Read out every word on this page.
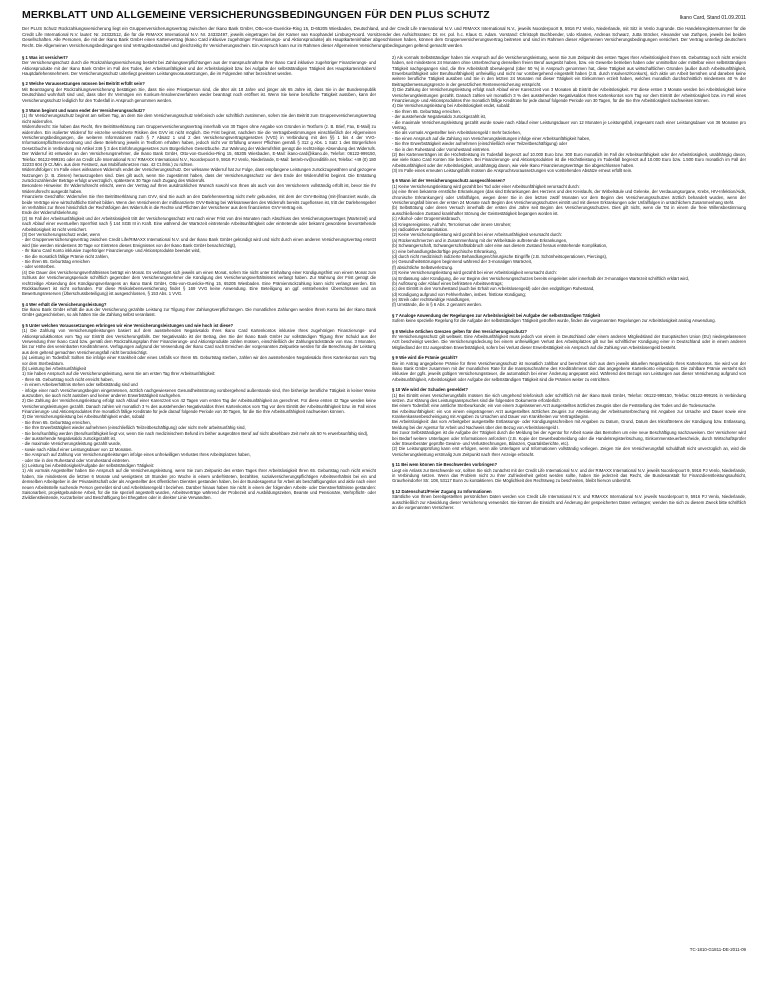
MERKBLATT UND ALLGEMEINE VERSICHERUNGSBEDINGUNGEN FÜR DEN PLUS SCHUTZ	Ikano Card, Stand 01.09.2011

Der PLUS Schutz Rückzahlungsversicherung liegt ein Gruppenversicherungsvertrag zwischen der Ikano Bank GmbH, Otto-von-Guericke-Ring 15, D-65205 Wiesbaden, Deutschland, und der Credit Life International N.V. und RIMAXX International N.V., jeweils Noorderpoort 9, 5916 PJ Venlo, Niederlande, mit Sitz in Venlo zugrunde. Die Handelsregisternummer für die Credit Life International N.V. lautet: Nr. 24332512, die für die RIMAXX International N.V. Nr. 24332497, jeweils eingetragen bei der Kamer van Koophandel Limburg-Noord. Vorsitzender des Aufsichtsrates: Dr. rer. pol. h.c. Klaus G. Adam. Vorstand: Christoph Buchbender, Udo Klanten, Andreas Schwarz, Jutta Stöcker, Alexander van Zuthpen, jeweils bei beiden Gesellschaften. Alle Personen, die mit der Ikano Bank GmbH einen Kartenvertrag (Ikano Card inklusive zugehöriger Finanzierungs- und Aktionsprodukte) als Hauptkarteninhaber abgeschlossen haben, können dem Gruppenversicherungsvertrag beitreten und sind im Rahmen dieser Allgemeinen Versicherungsbedingungen versichert. Der Vertrag unterliegt deutschem Recht. Die Allgemeinen Versicherungsbedingungen sind Vertragsbestandteil und gleichzeitig Ihr Versicherungsschein. Ein Anspruch kann nur im Rahmen dieser Allgemeinen Versicherungsbedingungen geltend gemacht werden.

§ 1 Was ist versichert?

Der Versicherungsschutz durch die Rückzahlungsversicherung besteht bei Zahlungsverpflichtungen aus der Inanspruchnahme Ihrer Ikano Card inklusive zugehöriger Finanzierungs- und Aktionsprodukte mit der Ikano Bank GmbH im Fall des Todes, der Arbeitsunfähigkeit und der Arbeitslosigkeit bzw. bei Aufgabe der selbstständigen Tätigkeit des Hauptkarteninhabers/ Hauptdarlehensnehmers. Der Versicherungsschutz unterliegt gewissen Leistungsvoraussetzungen, die im Folgenden näher bezeichnet werden.

§ 2 Welche Voraussetzungen müssen bei Beitritt erfüllt sein?

Mit Beantragung der Rückzahlungsversicherung bestätigen Sie, dass Sie eine Privatperson sind, die älter als 18 Jahre und jünger als 65 Jahre ist, dass Sie in der Bundesrepublik Deutschland wohnhaft sind und, dass über Ihr Vermögen ein Konkurs-/Insolvenzverfahren weder beantragt noch eröffnet ist. Wenn Sie keine berufliche Tätigkeit ausüben, kann der Versicherungsschutz lediglich für den Todesfall in Anspruch genommen werden.

§ 3 Wann beginnt und wann endet der Versicherungsschutz?

(1) Ihr Versicherungsschutz beginnt am selben Tag, an dem Sie dem Versicherungsschutz telefonisch oder schriftlich zustimmen, sofern Sie den Beitritt zum Gruppenversicherungsvertrag nicht widerrufen.

Widerrufsrecht: Sie haben das Recht, Ihre Beitrittserklärung zum Gruppenversicherungsvertrag innerhalb von 30 Tagen ohne Angabe von Gründen in Textform (z. B. Brief, Fax, E-Mail) zu widerrufen. Ein isolierter Widerruf für einzelne versicherte Risiken des GVV ist nicht möglich. Die Frist beginnt, nachdem Sie die Vertragsbestimmungen einschließlich der Allgemeinen Versicherungsbedingungen, die weiteren Informationen nach § 7 Absatz 1 und 2 des Versicherungsvertragsgesetzes (VVG) in Verbindung mit den §§ 1 bis 4 der VVG-Informationspflichtenverordnung und diese Belehrung jeweils in Textform erhalten haben, jedoch nicht vor Erfüllung unserer Pflichten gemäß § 312 g Abs. 1 Satz 1 des Bürgerlichen Gesetzbuchs in Verbindung mit Artikel 246 § 3 des Einführungsgesetzes zum Bürgerlichen Gesetzbuche. Zur Wahrung der Widerrufsfrist genügt die rechtzeitige Absendung des Widerrufs. Der Widerruf ist entweder an den Versicherungsnehmer, die Ikano Bank GmbH, Otto-von-Guericke-Ring 15, 65205 Wiesbaden, E-Mail: ikano-card@ikano.de, Telefon: 06122-999150, Telefax: 06122-999191 oder an Credit Life International N.V./ RIMAXX International N.V., Noorderpoort 9, 5916 PJ Venlo, Niederlande, E-Mail: betreb-nv@creditlife.net, Telefax: +49 (0) 180 32233 604 (9 Ct./Min. aus dem Festnetz, aus Mobilfunknetzen max. 42 Ct./Min.) zu richten.

Widerrufsfolgen: Im Falle eines wirksamen Widerrufs endet der Versicherungsschutz. Der wirksame Widerruf hat zur Folge, dass empfangene Leistungen zurückzugewähren und gezogene Nutzungen (z. B. Zinsen) herauszugeben sind. Dies gilt auch, wenn Sie zugestimmt haben, dass der Versicherungsschutz vor dem Ende der Widerrufsfrist beginnt. Die Erstattung zurückzuzahlender Beträge erfolgt unverzüglich, spätestens 30 Tage nach Zugang des Widerrufs.

Besondere Hinweise: Ihr Widerrufsrecht erlischt, wenn der Vertrag auf Ihren ausdrücklichen Wunsch sowohl von Ihnen als auch von den Versicherern vollständig erfüllt ist, bevor Sie Ihr Widerrufsrecht ausgeübt haben.

Finanzierte Geschäfte: Widerrufen Sie Ihre Beitrittserklärung zum GVV, sind Sie auch an den Darlehensvertrag nicht mehr gebunden, mit dem der GVV-Beitrag (mit-)finanziert wurde, da beide Verträge eine wirtschaftliche Einheit bilden. Wenn den Versicherern der mitfinanzierte GVV-Beitrag bei Wirksamwerden des Widerrufs bereits zugeflossen ist, tritt der Darlehensgeber im Verhältnis zur Ihnen hinsichtlich der Rechtsfolgen des Widerrufs in die Rechte und Pflichten der Versicherer aus dem finanzierten GVV-Vertrag ein.

Ende der Widerrufsbelehrung

(2) Im Fall der Arbeitsunfähigkeit und der Arbeitslosigkeit tritt der Versicherungsschutz erst nach einer Frist von drei Monaten nach Abschluss des Versicherungsvertrages (Wartezeit) und nach Ablauf einer eventuellen Sperrfrist nach § 144 SGB III in Kraft. Eine während der Wartezeit eintretende Arbeitsunfähigkeit oder eintretende oder bekannt gewordene bevorstehende Arbeitslosigkeit ist nicht versichert.

(3) Der Versicherungsschutz endet, wenn

- der Gruppenversicherungsvertrag zwischen Credit Life/RIMAXX International N.V. und der Ikano Bank GmbH gekündigt wird und nicht durch einen anderen Versicherungsvertrag ersetzt wird (Sie werden mindestens 30 Tage vor Eintreten dieses Ereignisses von der Ikano Bank GmbH benachrichtigt),

- Ihr Ikano Card Konto inklusive zugehöriger Finanzierungs- und Aktionsprodukte beendet wird,

- Sie die monatlich fällige Prämie nicht zahlen,

- Sie Ihren 65. Geburtstag erreichen

- oder versterben.

(4) Die Dauer des Versicherungsverhältnisses beträgt ein Monat. Es verlängert sich jeweils um einen Monat, sofern Sie nicht unter Einhaltung einer Kündigungsfrist von einem Monat zum Schluss der Versicherungsperiode schriftlich gegenüber dem Versicherungsnehmer die Kündigung des Versicherungsverhältnisses verlangt haben. Zur Wahrung der Frist genügt die rechtzeitige Absendung des Kündigungsverlangens an Ikano Bank GmbH, Otto-von-Guericke-Ring 15, 65205 Wiesbaden. Eine Prämienrückzahlung kann nicht verlangt werden. Ein Rückkaufswert ist nicht vorhanden. Für diese Risikolebensversicherung findet § 169 VVG keine Anwendung. Eine Beteiligung an ggf. entstehenden Überschüssen und an Bewertungsreserven (Überschussbeteiligung) ist ausgeschlossen, § 153 Abs. 1 VVG.

§ 4 Wer erhält die Versicherungsleistung?

Die Ikano Bank GmbH erhält die aus der Versicherung gezahlte Leistung zur Tilgung Ihrer Zahlungsverpflichtungen. Die monatlichen Zahlungen werden Ihrem Konto bei der Ikano Bank GmbH gutgeschrieben, so als hätten Sie die Zahlung selbst veranlasst.

§ 5 Unter welchen Voraussetzungen erbringen wir eine Versicherungsleistungen und wie hoch ist diese?

(1) Die Zahlung von Versicherungsleistungen basiert auf dem ausstehenden Negativsaldo Ihres Ikano Card Kartenkontos inklusive Ihres zugehörigen Finanzierungs- und Aktionsproduktkontos vom Tag vor Eintritt des Versicherungsfalls. Der Negativsaldo ist der Betrag, den Sie der Ikano Bank GmbH zur vollständigen Tilgung Ihrer Schuld aus der Verwendung Ihrer Ikano Card bzw. gemäß dem Rückzahlungsplan Ihrer Finanzierungs- und Aktionsprodukte zahlen müssen, einschließlich der Zahlungsrückstände von max. 3 Monaten, bis zur Höhe des vereinbarten Kreditrahmens. Verfügungen aufgrund der Verwendung der Ikano Card nach Erreichen der vorgenannten Zeitpunkte werden für die Berechnung der Leistung aus dem geltend gemachten Versicherungsfall nicht berücksichtigt.

(a) Leistung im Todesfall: Sollten Sie infolge einer Krankheit oder eines Unfalls vor Ihrem 65. Geburtstag sterben, zahlen wir den ausstehenden Negativsaldo Ihres Kartenkontos vom Tag vor dem Sterbedatum.

(b) Leistung bei Arbeitsunfähigkeit

1) Sie haben Anspruch auf die Versicherungsleistung, wenn Sie am ersten Tag Ihrer Arbeitsunfähigkeit:

- Ihren 65. Geburtstag noch nicht erreicht haben,

- in einem Arbeitverhältnis stehen oder selbstständig sind und

- infolge einer nach Versicherungsbeginn eingetretenen, ärztlich nachgewiesenen Gesundheitsstörung vorübergehend außerstande sind, Ihre bisherige berufliche Tätigkeit in keiner Weise auszuüben, sie auch nicht ausüben und keiner anderen Erwerbstätigkeit nachgehen.

2) Die Zahlung der Versicherungsleistung erfolgt nach Ablauf einer Karenzzeit von 42 Tagen vom ersten Tag der Arbeitsunfähigkeit an gerechnet. Für diese ersten 42 Tage werden keine Versicherungsleistungen gezahlt. Danach zahlen wir monatlich 3 % des ausstehenden Negativsaldos Ihres Kartenkontos vom Tag vor dem Eintritt der Arbeitsunfähigkeit bzw. im Fall eines Finanzierungs- und Aktionsproduktes Ihre monatlich fällige Kreditrate für jede darauf folgende Periode von 30 Tagen, für die Sie Ihre Arbeitsunfähigkeit nachweisen können.

3) Die Versicherungsleistung bei Arbeitsunfähigkeit endet, sobald

- Sie Ihren 65. Geburtstag erreichen,

- Sie Ihre Erwerbstätigkeit wieder aufnehmen (einschließlich Teilzeitbeschäftigung) oder nicht mehr arbeitsunfähig sind,

- Sie berufsunfähig werden (Berufsunfähigkeit liegt vor, wenn Sie nach medizinischem Befund im bisher ausgeübten Beruf auf nicht absehbare Zeit mehr als 50 % erwerbsunfähig sind),

- der ausstehende Negativsaldo zurückgezahlt ist,

- die maximale Versicherungsleistung gezahlt wurde,

- sowie nach Ablauf einer Leistungsdauer von 12 Monaten.

- Sie Anspruch auf Zahlung von Versicherungsleistungen infolge eines unfreiwilligen Verlustes Ihres Arbeitsplatzes haben,

- oder Sie in den Ruhestand oder Vorruhestand eintreten.

(c) Leistung bei Arbeitslosigkeit/Aufgabe der selbstständigen Tätigkeit:

1) Als vormals Angestellter haben Sie Anspruch auf die Versicherungsleistung, wenn Sie zum Zeitpunkt des ersten Tages Ihrer Arbeitslosigkeit Ihren 65. Geburtstag noch nicht erreicht haben, Sie mindestens die letzten 6 Monate und wenigstens 18 Stunden pro Woche in einem unbefristeten, bezahlten, sozialversicherungspflichtigen Arbeitsverhältnis bei ein und demselben Arbeitgeber in der Privatwirtschaft oder als Angestellter des öffentlichen Dienstes gestanden haben, bei der Bundesagentur für Arbeit als beschäftigungslos und aktiv nach einer neuen Arbeitsstelle suchende Person gemeldet sind und Arbeitslosengeld I beziehen. Darüber hinaus haben Sie nicht in einem der folgenden Arbeits- oder Dienstverhältnisse gestanden: Saisonarbeit, projektgebundene Arbeit, für die Sie speziell angestellt wurden, Arbeitsverträge während der Probezeit und Ausbildungszeiten, Beamte und Pensionäre, Wehrpflicht- oder Zivildienstleistende, Kurzarbeiter und Beschäftigung bei Ehegatten oder in direkter Linie Verwandten.

2) Als vormals Selbstständiger haben Sie Anspruch auf die Versicherungsleistung, wenn Sie zum Zeitpunkt des ersten Tages Ihrer Arbeitslosigkeit Ihren 65. Geburtstag noch nicht erreicht haben, seit mindestens 24 Monaten ohne Unterbrechung denselben freien Beruf ausgeübt haben, bzw. ein Gewerbe betrieben haben oder unmittelbar oder mittelbar einer selbstständigen Tätigkeit nachgegangen sind, die Ihre Arbeitskraft überwiegend (über 50 %) in Anspruch genommen hat, diese Tätigkeit aus wirtschaftlichen Gründen (außer durch Arbeitsunfähigkeit, Erwerbsunfähigkeit oder Berufsunfähigkeit) unfreiwillig und nicht nur vorübergehend eingestellt haben (z.B. durch Insolvenz/Konkurs), sich aktiv um Arbeit bemühen und daneben keine weitere berufliche Tätigkeit ausüben und Sie in den letzten 24 Monaten mit dieser Tätigkeit ein Einkommen erzielt haben, welches monatlich durchschnittlich mindestens 40 % der Beitragsbemessungsgrenze in der gesetzlichen Rentenversicherung entspricht.

3) Die Zahlung der Versicherungsleistung erfolgt nach Ablauf einer Karenzzeit von 3 Monaten ab Eintritt der Arbeitslosigkeit. Für diese ersten 3 Monate werden bei Arbeitslosigkeit keine Versicherungsleistungen gezahlt. Danach zahlen wir monatlich 3 % des ausstehenden Negativsaldos Ihres Kartenkontos vom Tag vor dem Eintritt der Arbeitslosigkeit bzw. im Fall eines Finanzierungs- und Aktionsproduktes Ihre monatlich fällige Kreditrate für jede darauf folgende Periode von 30 Tagen, für die Sie Ihre Arbeitslosigkeit nachweisen können.

4) Die Versicherungsleistung bei Arbeitslosigkeit endet, sobald:

- Sie Ihren 65. Geburtstag erreichen,

- der ausstehende Negativsaldo zurückgezahlt ist,

- die maximale Versicherungsleistung gezahlt wurde sowie nach Ablauf einer Leistungsdauer von 12 Monaten je Leistungsfall, insgesamt nach einer Leistungsdauer von 36 Monaten pro Vertrag,

- Sie als vormals Angestellter kein Arbeitslosengeld I mehr beziehen,

- Sie einen Anspruch auf die Zahlung von Versicherungsleistungen infolge einer Arbeitsunfähigkeit haben,

- Sie Ihre Erwerbstätigkeit wieder aufnehmen (einschließlich einer Teilzeitbeschäftigung) oder

- Sie in den Ruhestand oder Vorruhestand eintreten.

(2) Bei Kartenverträgen ist die Höchstleistung im Todesfall begrenzt auf 10.000 Euro bzw. 300 Euro monatlich im Fall der Arbeitsunfähigkeit oder der Arbeitslosigkeit, unabhängig davon, wie viele Ikano Card Konten Sie besitzen. Bei Finanzierungs- und Aktionsprodukten ist die Höchstleistung im Todesfall begrenzt auf 10.000 Euro bzw. 1.500 Euro monatlich im Fall der Arbeitsunfähigkeit oder der Arbeitslosigkeit, unabhängig davon, wie viele Ikano Finanzierungsverträge Sie abgeschlossen haben.

(3) Im Falle eines erneuten Leistungsfalls müssen die Anspruchsvoraussetzungen von vorstehenden Absätze erneut erfüllt sein.

§ 6 Wann ist der Versicherungsschutz ausgeschlossen?

(1) Keine Versicherungsleistung wird gezahlt bei Tod oder einer Arbeitsunfähigkeit verursacht durch:

(a) eine Ihnen bekannte ernstliche Erkrankungen (das sind Erkrankungen des Herzens und des Kreislaufs, der Wirbelsäule und Gelenke, der Verdauungsorgane, Krebs, HIV-Infektion/Aids, chronische Erkrankungen) oder Unfallfolgen, wegen derer Sie in den letzten zwölf Monaten vor dem Beginn des Versicherungsschutzes ärztlich behandelt wurden, wenn der Versicherungsfall binnen der ersten 24 Monate nach Beginn des Versicherungsschutzes eintritt und mit diesen Erkrankungen oder Unfallfolgen in ursächlichem Zusammenhang steht.

(b) Selbsttötung oder deren Versuch innerhalb der ersten drei Jahre seit Beginn des Versicherungsschutzes. Dies gilt nicht, wenn die Tat in einem die freie Willensbestimmung ausschließenden Zustand krankhafter Störung der Geistestätigkeit begangen worden ist.

(c) Alkohol- oder Drogenmissbrauch,

(d) Kriegsereignisse, Aufruhr, Terrorismus oder innere Unruhen;

(e) radioaktive Kontamination.

(2) Keine Versicherungsleistung wird gezahlt bei einer Arbeitsunfähigkeit verursacht durch:

(a) Rückenschmerzen und in Zusammenhang mit der Wirbelsäule auftretende Erkrankungen,

(b) Schwangerschaft, Schwangerschaftsabbruch oder eine aus diesem Zustand heraus entstehende Komplikation,

(c) eine behandlungsbedürftige psychische Erkrankung,

(d) durch nicht medizinisch indizierte Behandlungen/chirurgische Eingriffe (z.B. Schönheitsoperationen, Piercings),

(e) Gesundheitsstörungen beginnend während der 3-monatigen Wartezeit,

(f) absichtliche Selbstverletzung.

(3) Keine Versicherungsleistung wird gezahlt bei einer Arbeitslosigkeit verursacht durch:

(a) Entlassung oder Kündigung, die vor Beginn des Versicherungsschutzes bereits eingeleitet oder innerhalb der 3-monatigen Wartezeit schriftlich erklärt wird,

(b) Auflösung oder Ablauf eines befristeten Arbeitsvertrags;

(c) den Eintritt in den Vorruhestand (auch bei Erhalt von Arbeitslosengeld) oder den endgültigen Ruhestand,

(d) Kündigung aufgrund von Fehlverhalten, insbes. fristlose Kündigung;

(e) Streik oder rechtswidrige Handlungen,

(f) Umstände, die in § 6 Abs. 2 genannt werden.

§ 7 Analoge Anwendung der Regelungen zur Arbeitslosigkeit bei Aufgabe der selbstständigen Tätigkeit

Sofern keine spezielle Regelung für die Aufgabe der selbstständigen Tätigkeit getroffen wurde, finden die vorgenannten Regelungen zur Arbeitslosigkeit analog Anwendung.

§ 8 Welche örtlichen Grenzen gelten für den Versicherungsschutz?

Ihr Versicherungsschutz gilt weltweit. Eine Arbeitsunfähigkeit muss jedoch von einem in Deutschland oder einem anderen Mitgliedsland der Europäischen Union (EU) niedergelassenen Arzt bescheinigt werden. Die Versicherungsdeckung bei einem unfreiwilligen Verlust des Arbeitsplatzes gilt nur bei schriftlicher Kündigung einer in Deutschland oder in einem anderen Mitgliedland der EU ausgeübten Erwerbstätigkeit, sofern bei Verlust dieser Erwerbstätigkeit ein Anspruch auf die Zahlung von Arbeitslosengeld besteht.

§ 9 Wie wird die Prämie gezahlt?

Die im Antrag angegebene Prämie für Ihren Versicherungsschutz ist monatlich zahlbar und berechnet sich aus dem jeweils aktuellen Negativsaldo Ihres Kartenkontos. Sie wird von der Ikano Bank GmbH zusammen mit der monatlichen Rate für die Inanspruchnahme des Kreditrahmens über das angegebene Kartenkonto eingezogen. Die zahlbare Prämie versteht sich inklusive der ggfs. jeweils gültigen Versicherungssteuer, die automatisch bei einer Änderung angepasst wird. Während des Bezugs von Leistungen aus dieser Versicherung aufgrund von Arbeitsunfähigkeit, Arbeitslosigkeit oder Aufgabe der selbstständigen Tätigkeit sind die Prämien weiter zu entrichten.

§ 10 Wie wird der Schaden gemeldet?

(1) Bei Eintritt eines Versicherungsfalls müssen Sie sich umgehend telefonisch oder schriftlich mit der Ikano Bank GmbH, Telefon: 06122-999150, Telefax: 06122-999191 in Verbindung setzen. Zur Klärung des Leistungsanspruches sind die folgenden Dokumente erforderlich:

Bei einem Todesfall: eine amtliche Sterbeurkunde; ein von einem zugelassenen Arzt ausgestelltes ärztliches Zeugnis über die Feststellung des Todes und die Todesursache.

Bei Arbeitsunfähigkeit: ein von einem eingetragenen Arzt ausgestelltes ärztliches Zeugnis zur Attestierung der Arbeitsunterbrechung mit Angaben zur Ursache und Dauer sowie eine Krankenkassenbescheinigung mit Angaben zu Ursachen und Dauer von Krankheiten vor Vertragsbeginn.

Bei Arbeitslosigkeit: das vom Arbeitgeber ausgestellte Entlassungs- oder Kündigungsschreiben mit Angaben zu Datum, Grund, Datum des Inkrafttretens der Kündigung bzw. Entlassung, Meldung bei der Agentur für Arbeit und Nachweis über den Bezug von Arbeitslosengeld I.

Bei zuvor Selbstständigen ist die Aufgabe der Tätigkeit durch die Meldung bei der Agentur für Arbeit sowie das Bemühen um eine neue Beschäftigung nachzuweisen. Der Versicherer wird bei Bedarf weitere Unterlagen oder Informationen anfordern (z.B. Kopie der Gewerbeabmeldung oder die Handelsregisterlöschung, Einkommensteuerbescheide, durch Wirtschaftsprüfer oder Steuerberater geprüfte Gewinn- und Verlustrechnungen, Bilanzen, Quartalsberichte, etc).

(2) Die Leistungsprüfung kann erst erfolgen, wenn alle Unterlagen und Informationen vollständig vorliegen. Zeigen Sie den Versicherungsfall schuldhaft nicht unverzüglich an, wird die Versicherungsleistung erstmalig zum Zeitpunkt nach Ihrer Anzeige erbracht.

§ 11 Bei wem können Sie Beschwerden vorbringen?

Liegt ein Anlass zur Beschwerde vor, sollten Sie sich zunächst mit der Credit Life International N.V. und der RIMAXX International N.V. jeweils Noorderpoort 9, 5916 PJ Venlo, Niederlande, in Verbindung setzen. Wenn das Problem nicht zu Ihrer Zufriedenheit gelöst werden sollte, haben Sie jederzeit das Recht, die Bundesanstalt für Finanzdienstleistungsaufsicht, Graurheindorfer Str. 108, 53117 Bonn zu kontaktieren. Die Möglichkeit den Rechtsweg zu beschreiten, bleibt hiervon unberührt.

§ 12 Datenschutz/Freier Zugang zu Informationen

Sämtliche von Ihnen bereitgestellten persönlichen Daten werden von Credit Life International N.V. und RIMAXX International N.V. jeweils Noorderpoort 9, 5916 PJ Venlo, Niederlande, ausschließlich zur Abwicklung dieser Versicherung verwendet. Sie können die Einsicht und Änderung der gespeicherten Daten verlangen; wenden Sie sich zu diesem Zweck bitte schriftlich an die vorgenannten Versicherer.

TC-1810-G1811-DE-2011-09
